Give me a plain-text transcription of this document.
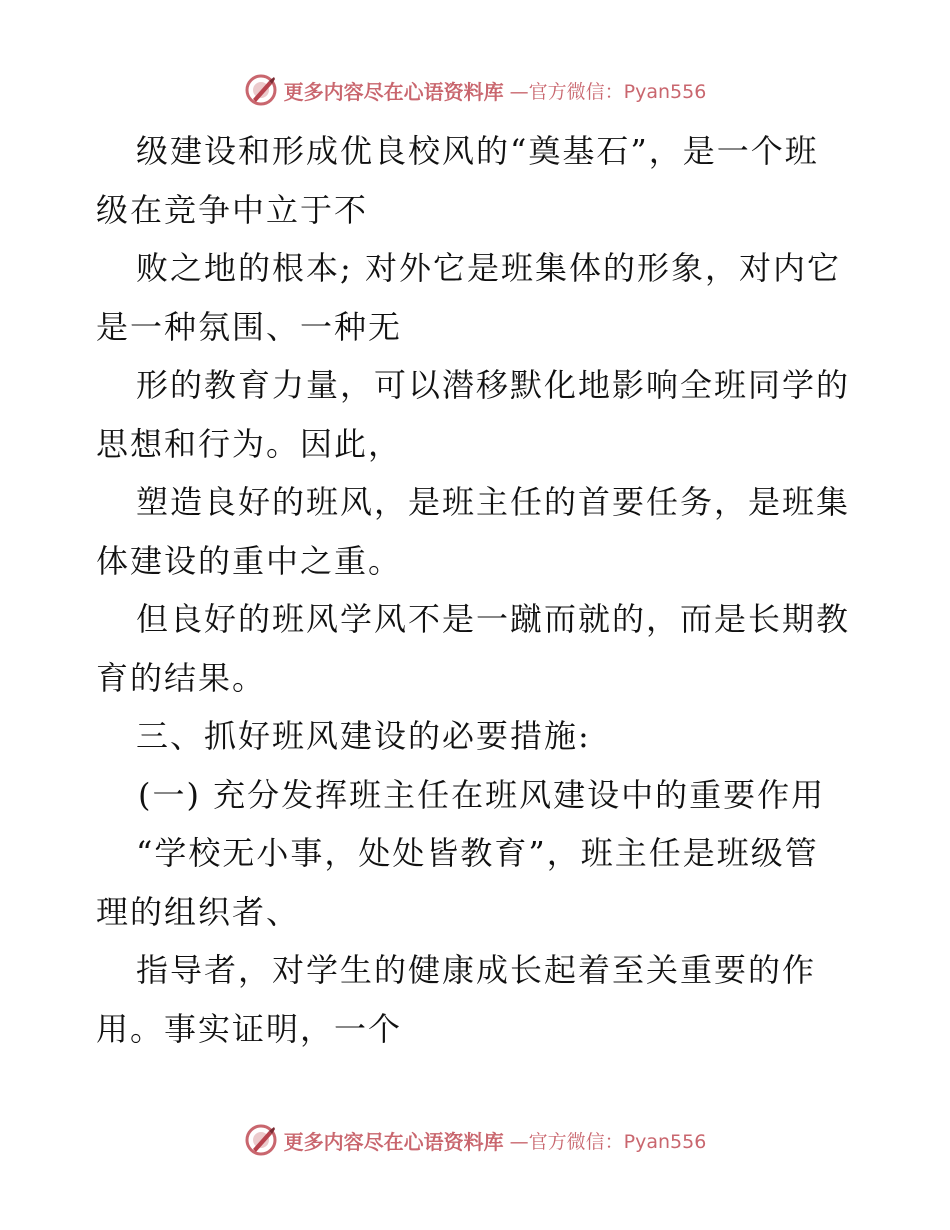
更多内容尽在心语资料库 —官方微信：Pyan556
级建设和形成优良校风的“奠基石”，是一个班
级在竞争中立于不
败之地的根本; 对外它是班集体的形象，对内它
是一种氛围、一种无
形的教育力量，可以潜移默化地影响全班同学的
思想和行为。因此，
塑造良好的班风，是班主任的首要任务，是班集
体建设的重中之重。
但良好的班风学风不是一蹴而就的，而是长期教
育的结果。
三、抓好班风建设的必要措施:
(一) 充分发挥班主任在班风建设中的重要作用
“学校无小事，处处皆教育”，班主任是班级管
理的组织者、
指导者，对学生的健康成长起着至关重要的作
用。事实证明，一个
更多内容尽在心语资料库 —官方微信：Pyan556
